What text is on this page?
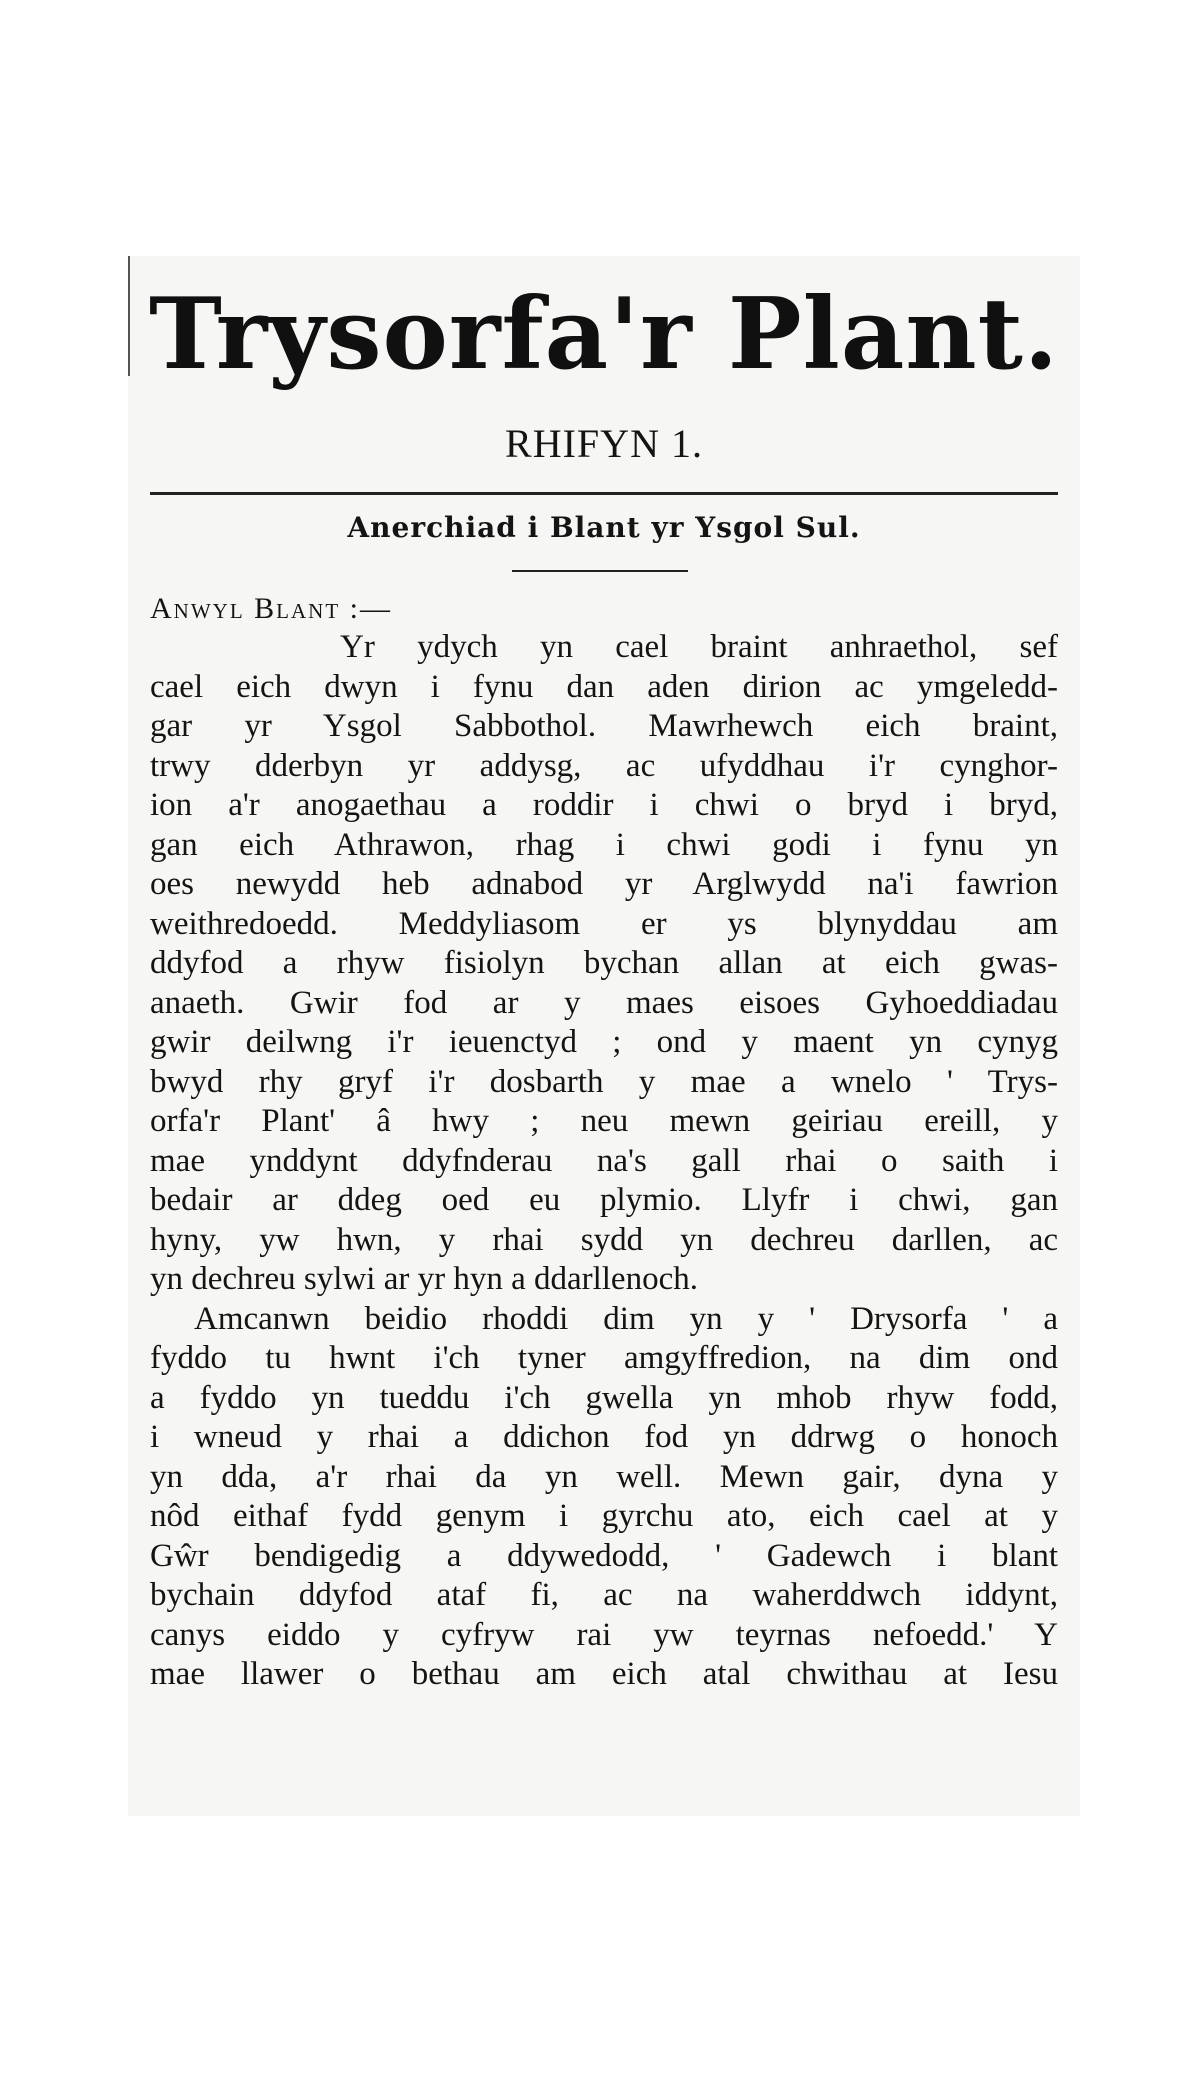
Trysorfa'r Plant.
RHIFYN 1.
Anerchiad i Blant yr Ysgol Sul.
Anwyl Blant :—
Yr ydych yn cael braint anhraethol, sef
cael eich dwyn i fynu dan aden dirion ac ymgeledd-
gar yr Ysgol Sabbothol. Mawrhewch eich braint,
trwy dderbyn yr addysg, ac ufyddhau i'r cynghor-
ion a'r anogaethau a roddir i chwi o bryd i bryd,
gan eich Athrawon, rhag i chwi godi i fynu yn
oes newydd heb adnabod yr Arglwydd na'i fawrion
weithredoedd. Meddyliasom er ys blynyddau am
ddyfod a rhyw fisiolyn bychan allan at eich gwas-
anaeth. Gwir fod ar y maes eisoes Gyhoeddiadau
gwir deilwng i'r ieuenctyd ; ond y maent yn cynyg
bwyd rhy gryf i'r dosbarth y mae a wnelo ' Trys-
orfa'r Plant' â hwy ; neu mewn geiriau ereill, y
mae ynddynt ddyfnderau na's gall rhai o saith i
bedair ar ddeg oed eu plymio. Llyfr i chwi, gan
hyny, yw hwn, y rhai sydd yn dechreu darllen, ac
yn dechreu sylwi ar yr hyn a ddarllenoch.
Amcanwn beidio rhoddi dim yn y ' Drysorfa ' a
fyddo tu hwnt i'ch tyner amgyffredion, na dim ond
a fyddo yn tueddu i'ch gwella yn mhob rhyw fodd,
i wneud y rhai a ddichon fod yn ddrwg o honoch
yn dda, a'r rhai da yn well. Mewn gair, dyna y
nôd eithaf fydd genym i gyrchu ato, eich cael at y
Gŵr bendigedig a ddywedodd, ' Gadewch i blant
bychain ddyfod ataf fi, ac na waherddwch iddynt,
canys eiddo y cyfryw rai yw teyrnas nefoedd.' Y
mae llawer o bethau am eich atal chwithau at Iesu
